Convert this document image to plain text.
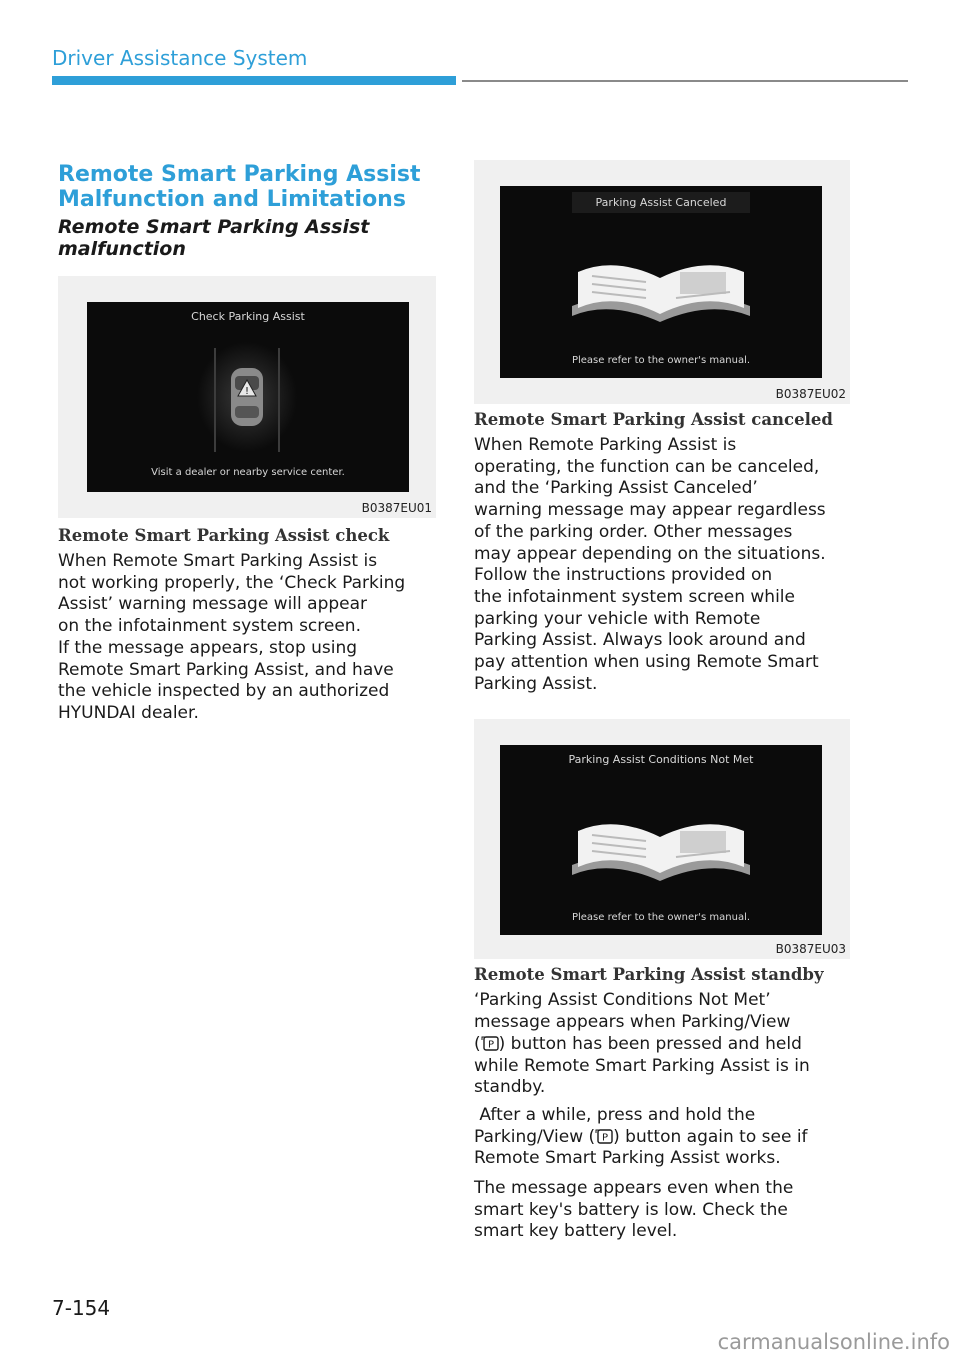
Driver Assistance System

Remote Smart Parking Assist
Malfunction and Limitations

Remote Smart Parking Assist
malfunction

Check Parking Assist
!
Visit a dealer or nearby service center.
B0387EU01

Remote Smart Parking Assist check

When Remote Smart Parking Assist is
not working properly, the ‘Check Parking
Assist’ warning message will appear
on the infotainment system screen.
If the message appears, stop using
Remote Smart Parking Assist, and have
the vehicle inspected by an authorized
HYUNDAI dealer.
Parking Assist Canceled
Please refer to the owner's manual.
B0387EU02

Remote Smart Parking Assist canceled

When Remote Parking Assist is
operating, the function can be canceled,
and the ‘Parking Assist Canceled’
warning message may appear regardless
of the parking order. Other messages
may appear depending on the situations.
Follow the instructions provided on
the infotainment system screen while
parking your vehicle with Remote
Parking Assist. Always look around and
pay attention when using Remote Smart
Parking Assist.
Parking Assist Conditions Not Met
Please refer to the owner's manual.
B0387EU03

Remote Smart Parking Assist standby

‘Parking Assist Conditions Not Met’
message appears when Parking/View
( P ) button has been pressed and held
while Remote Smart Parking Assist is in
standby.
After a while, press and hold the
Parking/View ( P ) button again to see if
Remote Smart Parking Assist works.
The message appears even when the
smart key's battery is low. Check the
smart key battery level.
7-154
carmanualsonline.info
